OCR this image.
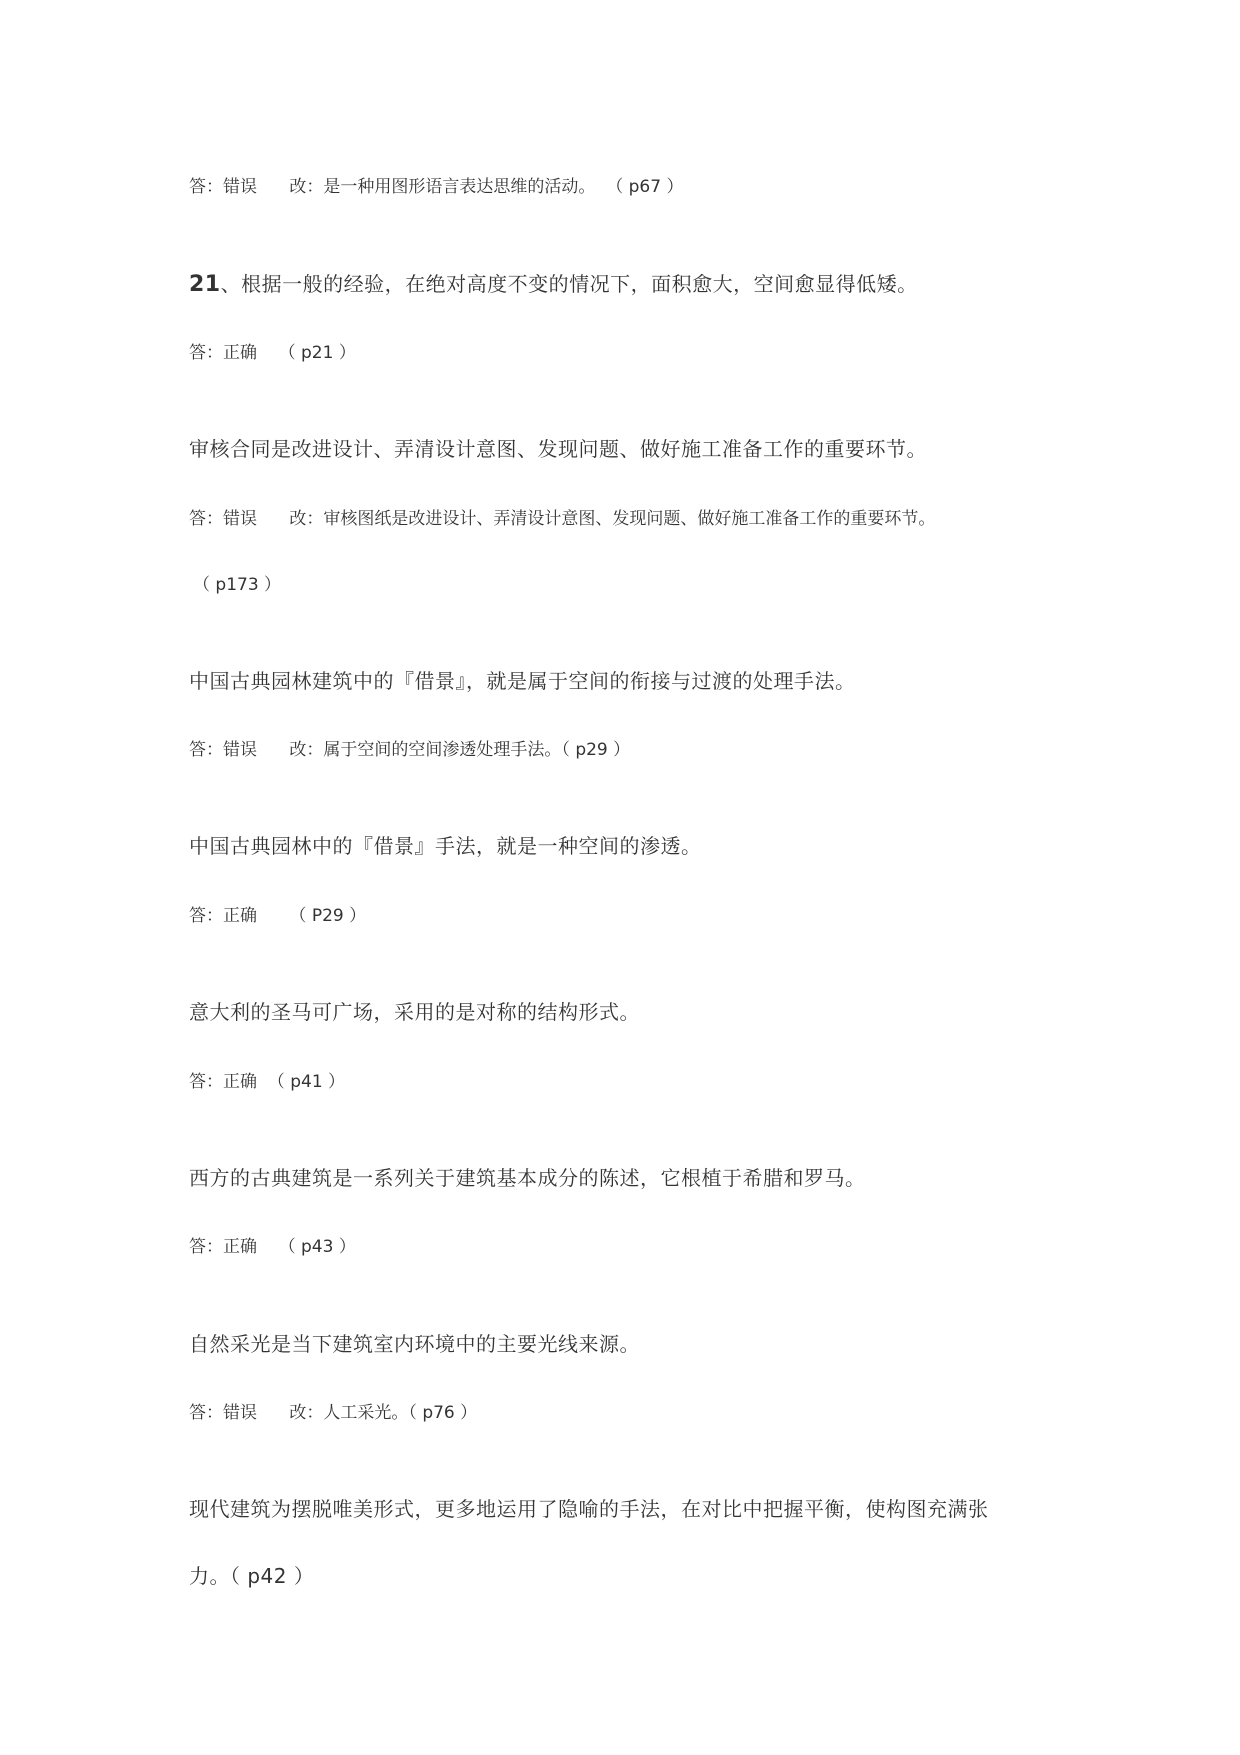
答：错误      改：是一种用图形语言表达思维的活动。  （ p67 ）
21、根据一般的经验，在绝对高度不变的情况下，面积愈大，空间愈显得低矮。
答：正确    （ p21 ）
审核合同是改进设计、弄清设计意图、发现问题、做好施工准备工作的重要环节。
答：错误      改：审核图纸是改进设计、弄清设计意图、发现问题、做好施工准备工作的重要环节。
（ p173 ）
中国古典园林建筑中的『借景』，就是属于空间的衔接与过渡的处理手法。
答：错误      改：属于空间的空间渗透处理手法。（ p29 ）
中国古典园林中的『借景』手法，就是一种空间的渗透。
答：正确      （ P29 ）
意大利的圣马可广场，采用的是对称的结构形式。
答：正确  （ p41 ）
西方的古典建筑是一系列关于建筑基本成分的陈述，它根植于希腊和罗马。
答：正确    （ p43 ）
自然采光是当下建筑室内环境中的主要光线来源。
答：错误      改：人工采光。（ p76 ）
现代建筑为摆脱唯美形式，更多地运用了隐喻的手法，在对比中把握平衡，使构图充满张
力。（ p42 ）
